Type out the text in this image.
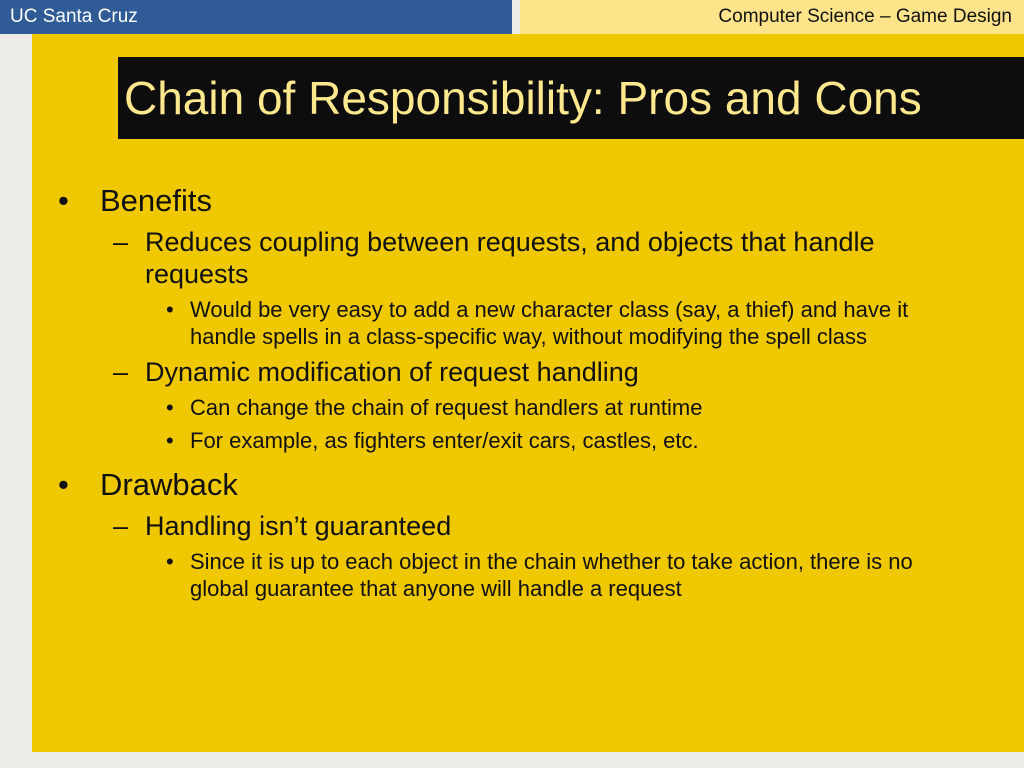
UC Santa Cruz	Computer Science – Game Design
Chain of Responsibility: Pros and Cons
• Benefits
– Reduces coupling between requests, and objects that handle requests
• Would be very easy to add a new character class (say, a thief) and have it handle spells in a class-specific way, without modifying the spell class
– Dynamic modification of request handling
• Can change the chain of request handlers at runtime
• For example, as fighters enter/exit cars, castles, etc.
• Drawback
– Handling isn’t guaranteed
• Since it is up to each object in the chain whether to take action, there is no global guarantee that anyone will handle a request
